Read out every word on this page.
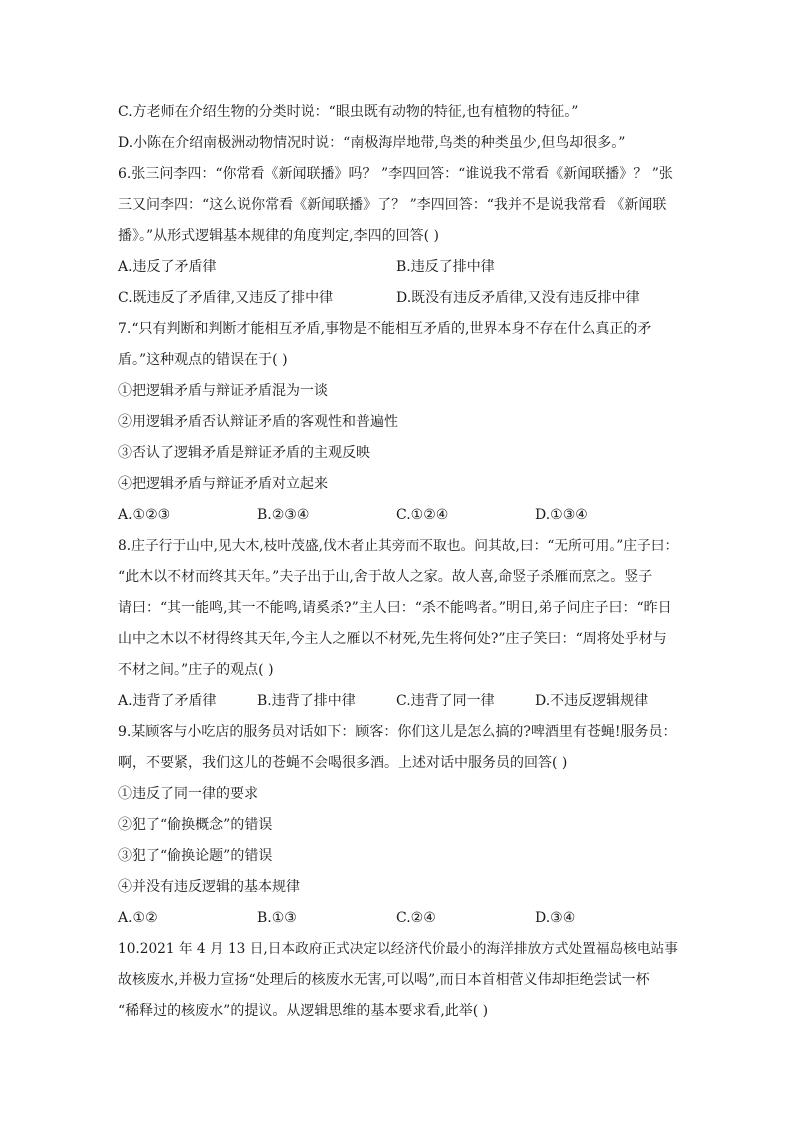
C.方老师在介绍生物的分类时说：“眼虫既有动物的特征,也有植物的特征。”
D.小陈在介绍南极洲动物情况时说：“南极海岸地带,鸟类的种类虽少,但鸟却很多。”
6.张三问李四：“你常看《新闻联播》吗？ ”李四回答：“谁说我不常看《新闻联播》？ ”张
三又问李四：“这么说你常看《新闻联播》了？ ”李四回答：“我并不是说我常看 《新闻联
播》。”从形式逻辑基本规律的角度判定,李四的回答( )
A.违反了矛盾律	B.违反了排中律
C.既违反了矛盾律,又违反了排中律	D.既没有违反矛盾律,又没有违反排中律
7.“只有判断和判断才能相互矛盾,事物是不能相互矛盾的,世界本身不存在什么真正的矛
盾。”这种观点的错误在于( )
①把逻辑矛盾与辩证矛盾混为一谈
②用逻辑矛盾否认辩证矛盾的客观性和普遍性
③否认了逻辑矛盾是辩证矛盾的主观反映
④把逻辑矛盾与辩证矛盾对立起来
A.①②③	B.②③④	C.①②④	D.①③④
8.庄子行于山中,见大木,枝叶茂盛,伐木者止其旁而不取也。问其故,曰：“无所可用。”庄子曰：
“此木以不材而终其天年。”夫子出于山,舍于故人之家。故人喜,命竖子杀雁而烹之。竖子
请曰：“其一能鸣,其一不能鸣,请奚杀?”主人曰：“杀不能鸣者。”明日,弟子问庄子曰：“昨日
山中之木以不材得终其天年,今主人之雁以不材死,先生将何处?”庄子笑曰：“周将处乎材与
不材之间。”庄子的观点( )
A.违背了矛盾律	B.违背了排中律	C.违背了同一律	D.不违反逻辑规律
9.某顾客与小吃店的服务员对话如下：顾客：你们这儿是怎么搞的?啤酒里有苍蝇!服务员：
啊，不要紧，我们这儿的苍蝇不会喝很多酒。上述对话中服务员的回答( )
①违反了同一律的要求
②犯了“偷换概念”的错误
③犯了“偷换论题”的错误
④并没有违反逻辑的基本规律
A.①②	B.①③	C.②④	D.③④
10.2021 年 4 月 13 日,日本政府正式决定以经济代价最小的海洋排放方式处置福岛核电站事
故核废水,并极力宣扬“处理后的核废水无害,可以喝”,而日本首相菅义伟却拒绝尝试一杯
“稀释过的核废水”的提议。从逻辑思维的基本要求看,此举( )
